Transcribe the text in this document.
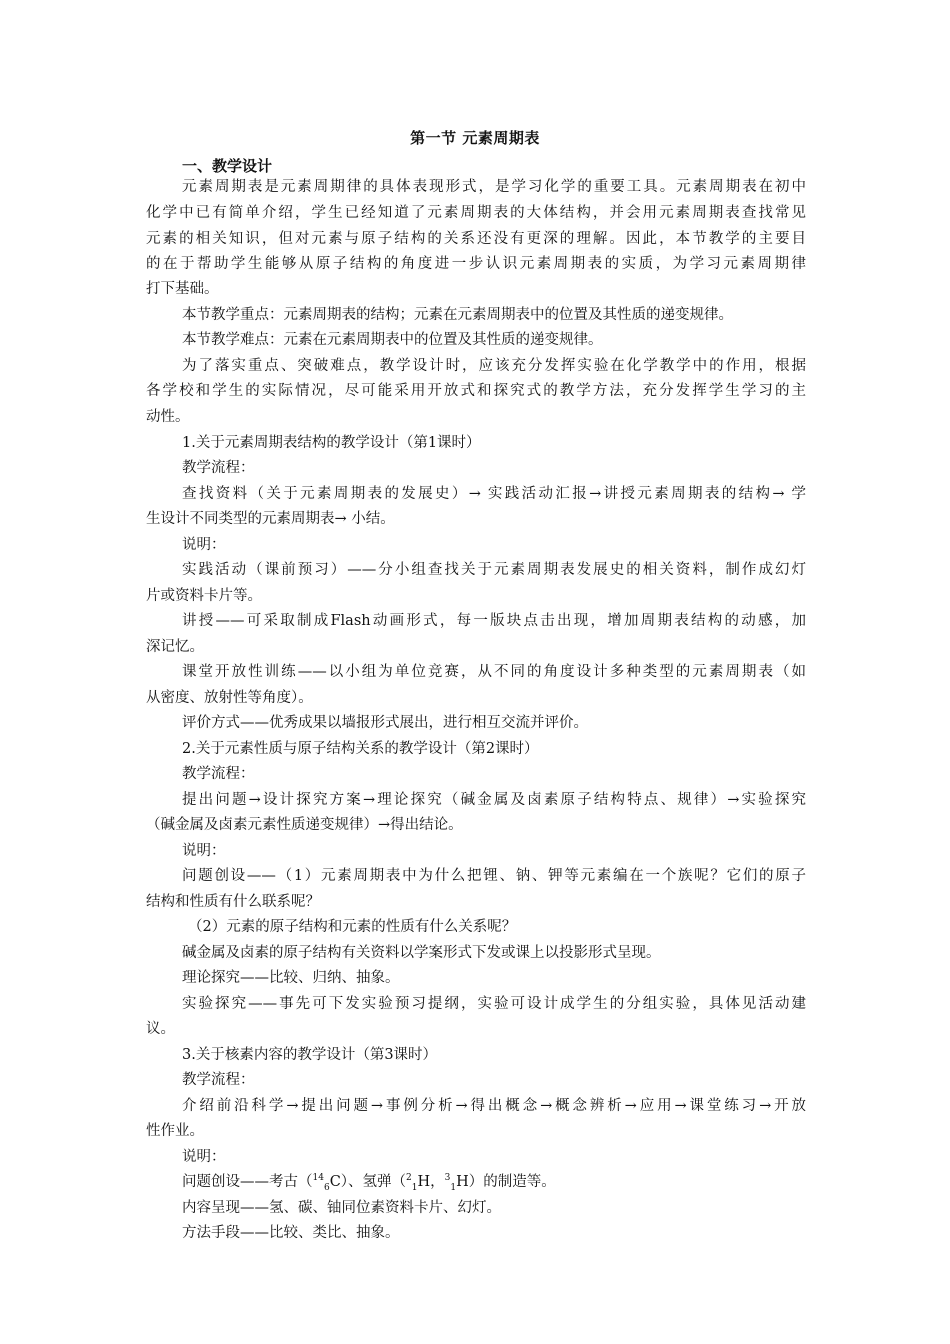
第一节 元素周期表
一、教学设计
元素周期表是元素周期律的具体表现形式，是学习化学的重要工具。元素周期表在初中
化学中已有简单介绍，学生已经知道了元素周期表的大体结构，并会用元素周期表查找常见
元素的相关知识，但对元素与原子结构的关系还没有更深的理解。因此，本节教学的主要目
的在于帮助学生能够从原子结构的角度进一步认识元素周期表的实质，为学习元素周期律
打下基础。
本节教学重点：元素周期表的结构；元素在元素周期表中的位置及其性质的递变规律。
本节教学难点：元素在元素周期表中的位置及其性质的递变规律。
为了落实重点、突破难点，教学设计时，应该充分发挥实验在化学教学中的作用，根据
各学校和学生的实际情况，尽可能采用开放式和探究式的教学方法，充分发挥学生学习的主
动性。
1.关于元素周期表结构的教学设计（第1课时）
教学流程：
查找资料（关于元素周期表的发展史）→ 实践活动汇报→讲授元素周期表的结构→ 学
生设计不同类型的元素周期表→ 小结。
说明：
实践活动（课前预习）——分小组查找关于元素周期表发展史的相关资料，制作成幻灯
片或资料卡片等。
讲授——可采取制成Flash动画形式，每一版块点击出现，增加周期表结构的动感，加
深记忆。
课堂开放性训练——以小组为单位竞赛，从不同的角度设计多种类型的元素周期表（如
从密度、放射性等角度）。
评价方式——优秀成果以墙报形式展出，进行相互交流并评价。
2.关于元素性质与原子结构关系的教学设计（第2课时）
教学流程：
提出问题→设计探究方案→理论探究（碱金属及卤素原子结构特点、规律）→实验探究
（碱金属及卤素元素性质递变规律）→得出结论。
说明：
问题创设——（1）元素周期表中为什么把锂、钠、钾等元素编在一个族呢？它们的原子
结构和性质有什么联系呢？
（2）元素的原子结构和元素的性质有什么关系呢？
碱金属及卤素的原子结构有关资料以学案形式下发或课上以投影形式呈现。
理论探究——比较、归纳、抽象。
实验探究——事先可下发实验预习提纲，实验可设计成学生的分组实验，具体见活动建
议。
3.关于核素内容的教学设计（第3课时）
教学流程：
介绍前沿科学→提出问题→事例分析→得出概念→概念辨析→应用→课堂练习→开放
性作业。
说明：
问题创设——考古（$^{14}_6$C）、氢弹（$^2_1$H，$^3_1$H）的制造等。
内容呈现——氢、碳、铀同位素资料卡片、幻灯。
方法手段——比较、类比、抽象。
